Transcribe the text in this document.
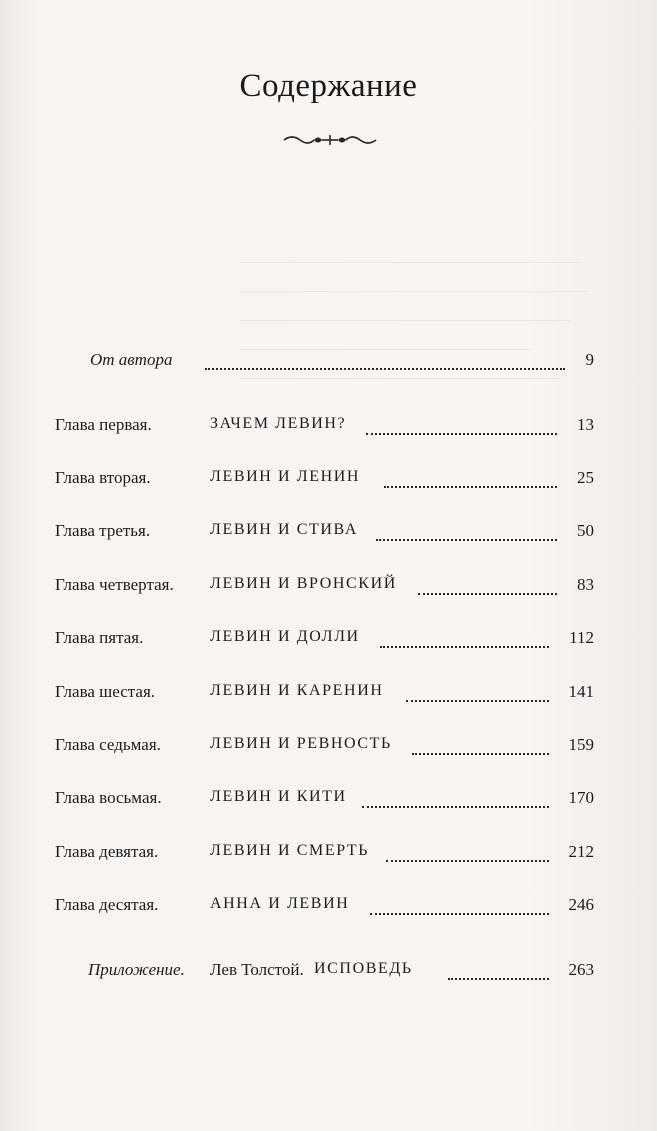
Содержание
От автора	9
Глава первая.	ЗАЧЕМ ЛЕВИН?	13
Глава вторая.	ЛЕВИН И ЛЕНИН	25
Глава третья.	ЛЕВИН И СТИВА	50
Глава четвертая. ЛЕВИН И ВРОНСКИЙ	83
Глава пятая.	ЛЕВИН И ДОЛЛИ	112
Глава шестая.	ЛЕВИН И КАРЕНИН	141
Глава седьмая.	ЛЕВИН И РЕВНОСТЬ	159
Глава восьмая.	ЛЕВИН И КИТИ	170
Глава девятая.	ЛЕВИН И СМЕРТЬ	212
Глава десятая.	АННА И ЛЕВИН	246
Приложение. Лев Толстой. ИСПОВЕДЬ	263
